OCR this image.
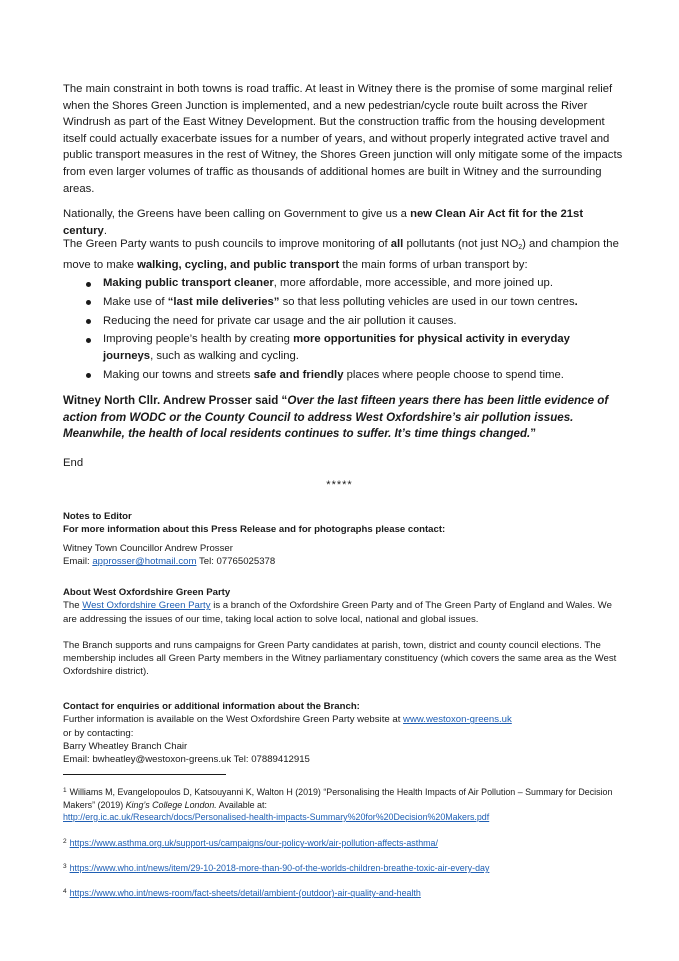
The main constraint in both towns is road traffic. At least in Witney there is the promise of some marginal relief when the Shores Green Junction is implemented, and a new pedestrian/cycle route built across the River Windrush as part of the East Witney Development. But the construction traffic from the housing development itself could actually exacerbate issues for a number of years, and without properly integrated active travel and public transport measures in the rest of Witney, the Shores Green junction will only mitigate some of the impacts from even larger volumes of traffic as thousands of additional homes are built in Witney and the surrounding areas.

Nationally, the Greens have been calling on Government to give us a new Clean Air Act fit for the 21st century.

The Green Party wants to push councils to improve monitoring of all pollutants (not just $NO_2$) and champion the move to make walking, cycling, and public transport the main forms of urban transport by:

Making public transport cleaner, more affordable, more accessible, and more joined up.
Make use of “last mile deliveries” so that less polluting vehicles are used in our town centres.
Reducing the need for private car usage and the air pollution it causes.
Improving people’s health by creating more opportunities for physical activity in everyday journeys, such as walking and cycling.
Making our towns and streets safe and friendly places where people choose to spend time.

Witney North Cllr. Andrew Prosser said “Over the last fifteen years there has been little evidence of action from WODC or the County Council to address West Oxfordshire’s air pollution issues. Meanwhile, the health of local residents continues to suffer. It’s time things changed.”

End

*****
Notes to Editor
For more information about this Press Release and for photographs please contact:
Witney Town Councillor Andrew Prosser
Email: approsser@hotmail.com Tel: 07765025378
About West Oxfordshire Green Party
The West Oxfordshire Green Party is a branch of the Oxfordshire Green Party and of The Green Party of England and Wales. We are addressing the issues of our time, taking local action to solve local, national and global issues.
The Branch supports and runs campaigns for Green Party candidates at parish, town, district and county council elections. The membership includes all Green Party members in the Witney parliamentary constituency (which covers the same area as the West Oxfordshire district).
Contact for enquiries or additional information about the Branch:
Further information is available on the West Oxfordshire Green Party website at www.westoxon-greens.uk
or by contacting:
Barry Wheatley Branch Chair
Email: bwheatley@westoxon-greens.uk Tel: 07889412915
$^1$ Williams M, Evangelopoulos D, Katsouyanni K, Walton H (2019) “Personalising the Health Impacts of Air Pollution – Summary for Decision Makers” (2019) King’s College London. Available at:
http://erg.ic.ac.uk/Research/docs/Personalised-health-impacts-Summary%20for%20Decision%20Makers.pdf
$^2$ https://www.asthma.org.uk/support-us/campaigns/our-policy-work/air-pollution-affects-asthma/
$^3$ https://www.who.int/news/item/29-10-2018-more-than-90-of-the-worlds-children-breathe-toxic-air-every-day
$^4$ https://www.who.int/news-room/fact-sheets/detail/ambient-(outdoor)-air-quality-and-health
